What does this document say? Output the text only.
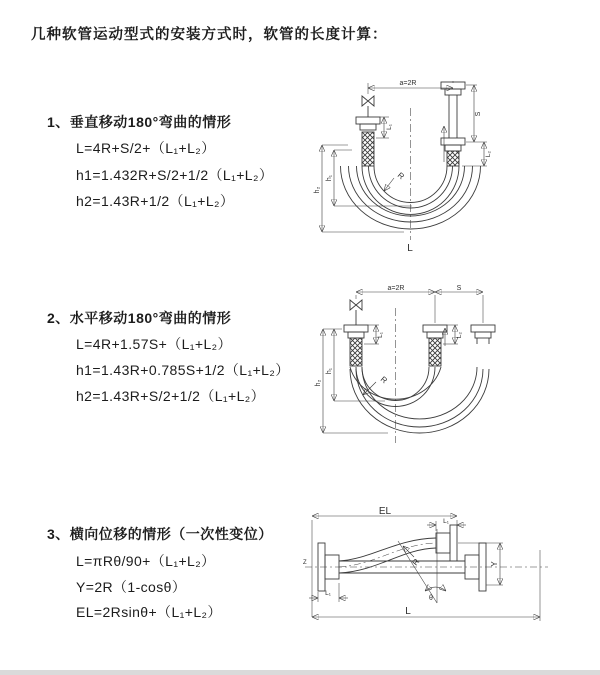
几种软管运动型式的安装方式时，软管的长度计算：
1、垂直移动180°弯曲的情形
L=4R+S/2+（L₁+L₂）
h1=1.432R+S/2+1/2（L₁+L₂）
h2=1.43R+1/2（L₁+L₂）
a=2R
h₂
h₁
L₁
S
L₂
R
L
2、水平移动180°弯曲的情形
L=4R+1.57S+（L₁+L₂）
h1=1.43R+0.785S+1/2（L₁+L₂）
h2=1.43R+S/2+1/2（L₁+L₂）
a=2R	S
h₂
h₁
L₁	L₂
R
3、横向位移的情形（一次性变位）
L=πRθ/90+（L₁+L₂）
Y=2R（1-cosθ）
EL=2Rsinθ+（L₁+L₂）
Z
EL
L₁
θ
R	Y
L
L₁
